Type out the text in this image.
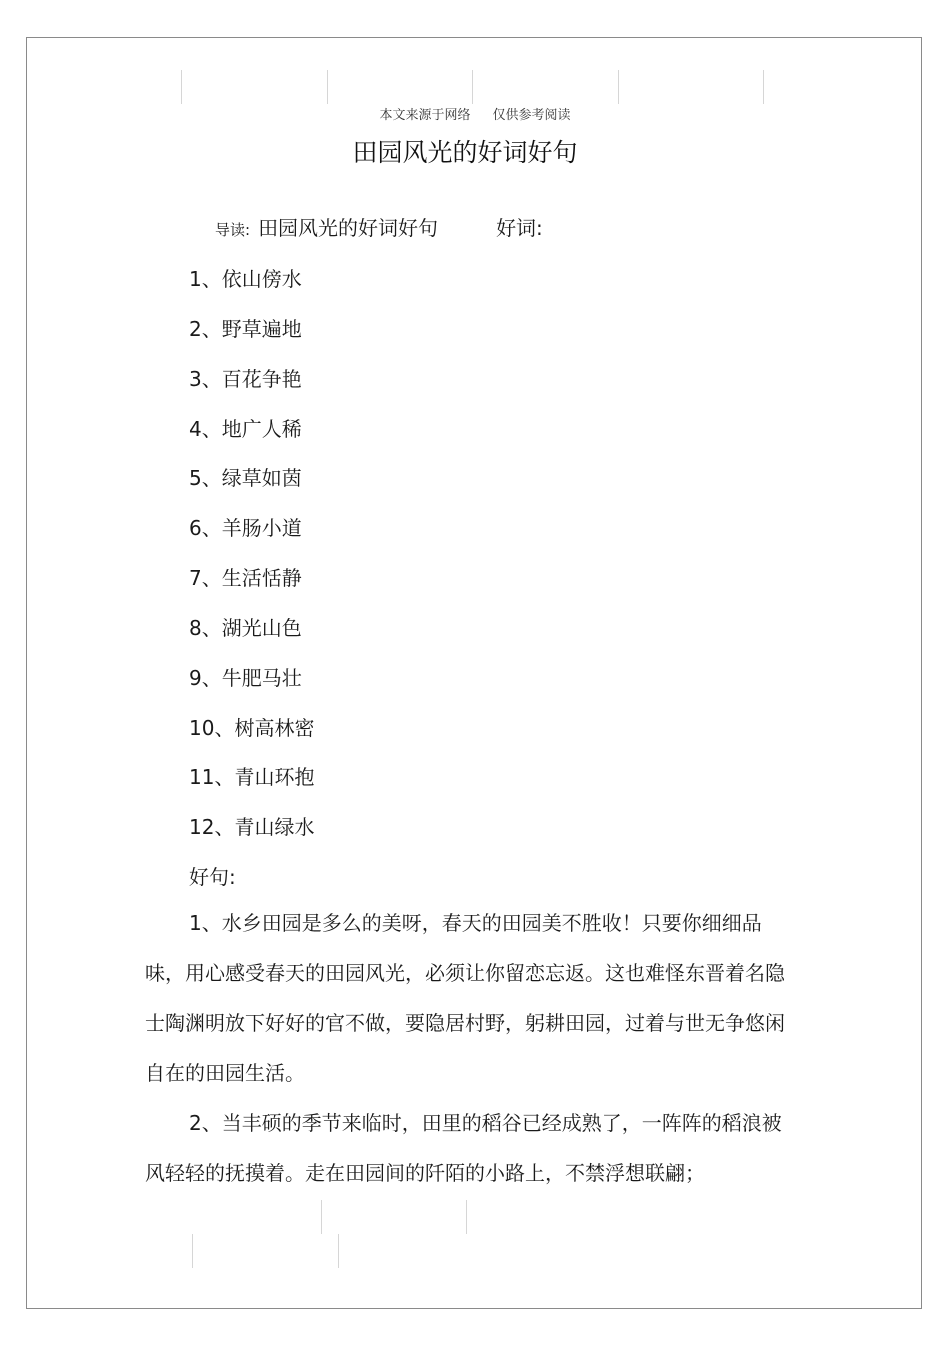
本文来源于网络 仅供参考阅读
田园风光的好词好句
导读: 田园风光的好词好句	好词:
1、依山傍水
2、野草遍地
3、百花争艳
4、地广人稀
5、绿草如茵
6、羊肠小道
7、生活恬静
8、湖光山色
9、牛肥马壮
10、树高林密
11、青山环抱
12、青山绿水
好句:

1、水乡田园是多么的美呀，春天的田园美不胜收！只要你细细品味，用心感受春天的田园风光，必须让你留恋忘返。这也难怪东晋着名隐士陶渊明放下好好的官不做，要隐居村野，躬耕田园，过着与世无争悠闲自在的田园生活。

2、当丰硕的季节来临时，田里的稻谷已经成熟了，一阵阵的稻浪被风轻轻的抚摸着。走在田园间的阡陌的小路上，不禁浮想联翩；
